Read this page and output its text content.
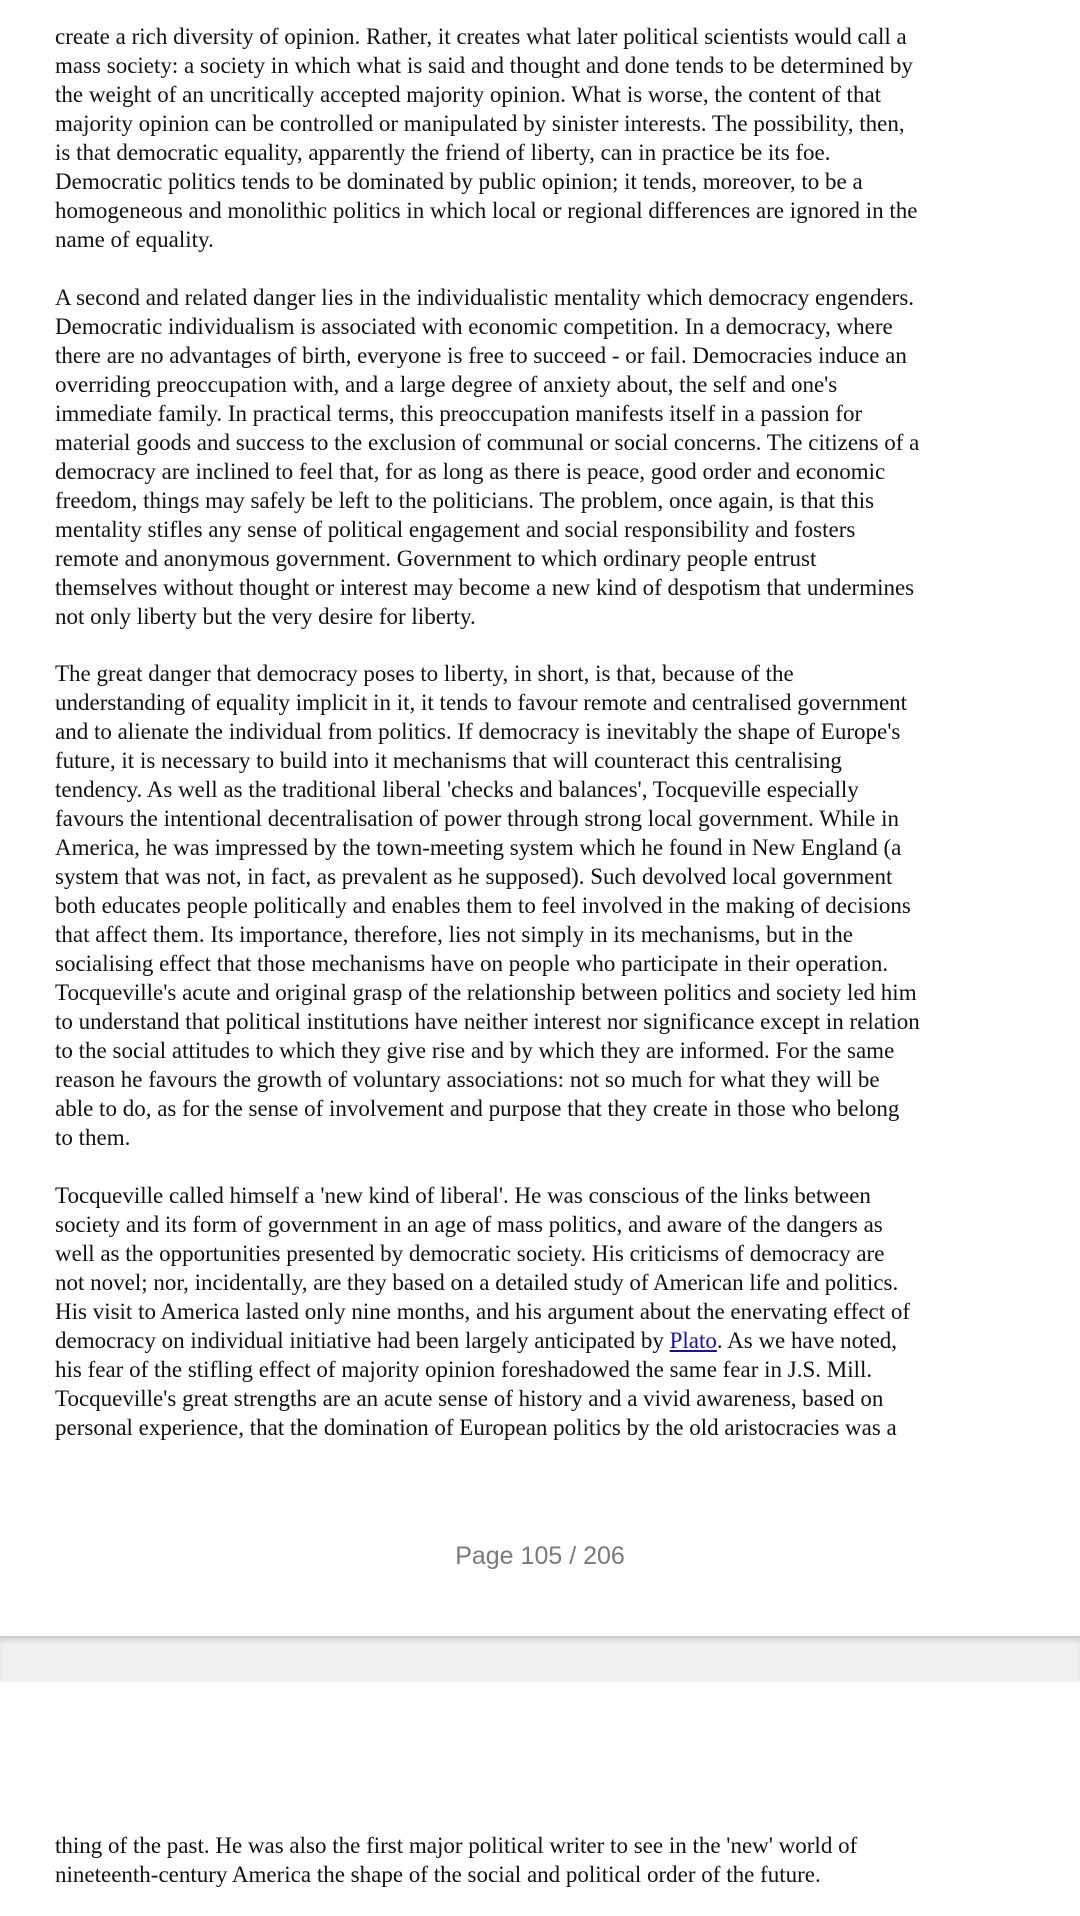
create a rich diversity of opinion. Rather, it creates what later political scientists would call a
mass society: a society in which what is said and thought and done tends to be determined by
the weight of an uncritically accepted majority opinion. What is worse, the content of that
majority opinion can be controlled or manipulated by sinister interests. The possibility, then,
is that democratic equality, apparently the friend of liberty, can in practice be its foe.
Democratic politics tends to be dominated by public opinion; it tends, moreover, to be a
homogeneous and monolithic politics in which local or regional differences are ignored in the
name of equality.
A second and related danger lies in the individualistic mentality which democracy engenders.
Democratic individualism is associated with economic competition. In a democracy, where
there are no advantages of birth, everyone is free to succeed - or fail. Democracies induce an
overriding preoccupation with, and a large degree of anxiety about, the self and one's
immediate family. In practical terms, this preoccupation manifests itself in a passion for
material goods and success to the exclusion of communal or social concerns. The citizens of a
democracy are inclined to feel that, for as long as there is peace, good order and economic
freedom, things may safely be left to the politicians. The problem, once again, is that this
mentality stifles any sense of political engagement and social responsibility and fosters
remote and anonymous government. Government to which ordinary people entrust
themselves without thought or interest may become a new kind of despotism that undermines
not only liberty but the very desire for liberty.
The great danger that democracy poses to liberty, in short, is that, because of the
understanding of equality implicit in it, it tends to favour remote and centralised government
and to alienate the individual from politics. If democracy is inevitably the shape of Europe's
future, it is necessary to build into it mechanisms that will counteract this centralising
tendency. As well as the traditional liberal 'checks and balances', Tocqueville especially
favours the intentional decentralisation of power through strong local government. While in
America, he was impressed by the town-meeting system which he found in New England (a
system that was not, in fact, as prevalent as he supposed). Such devolved local government
both educates people politically and enables them to feel involved in the making of decisions
that affect them. Its importance, therefore, lies not simply in its mechanisms, but in the
socialising effect that those mechanisms have on people who participate in their operation.
Tocqueville's acute and original grasp of the relationship between politics and society led him
to understand that political institutions have neither interest nor significance except in relation
to the social attitudes to which they give rise and by which they are informed. For the same
reason he favours the growth of voluntary associations: not so much for what they will be
able to do, as for the sense of involvement and purpose that they create in those who belong
to them.
Tocqueville called himself a 'new kind of liberal'. He was conscious of the links between
society and its form of government in an age of mass politics, and aware of the dangers as
well as the opportunities presented by democratic society. His criticisms of democracy are
not novel; nor, incidentally, are they based on a detailed study of American life and politics.
His visit to America lasted only nine months, and his argument about the enervating effect of
democracy on individual initiative had been largely anticipated by Plato. As we have noted,
his fear of the stifling effect of majority opinion foreshadowed the same fear in J.S. Mill.
Tocqueville's great strengths are an acute sense of history and a vivid awareness, based on
personal experience, that the domination of European politics by the old aristocracies was a
Page 105 / 206
thing of the past. He was also the first major political writer to see in the 'new' world of
nineteenth-century America the shape of the social and political order of the future.
